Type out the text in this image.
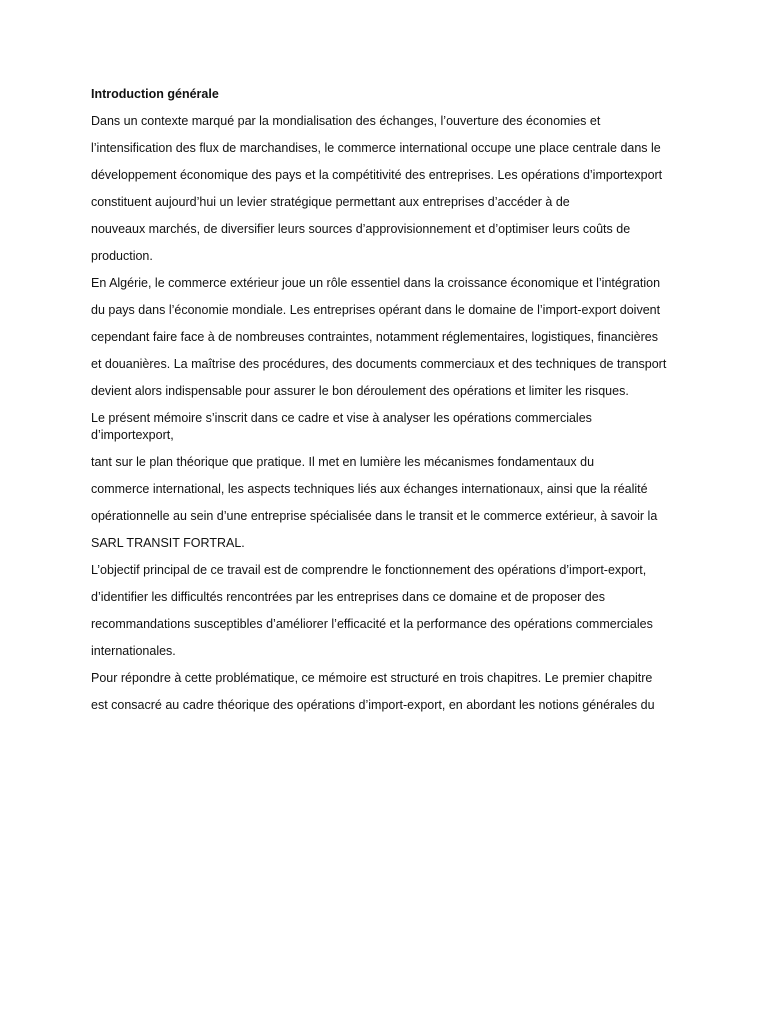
Introduction générale
Dans un contexte marqué par la mondialisation des échanges, l’ouverture des économies et
l’intensification des flux de marchandises, le commerce international occupe une place centrale dans le
développement économique des pays et la compétitivité des entreprises. Les opérations d’importexport
constituent aujourd’hui un levier stratégique permettant aux entreprises d’accéder à de
nouveaux marchés, de diversifier leurs sources d’approvisionnement et d’optimiser leurs coûts de
production.
En Algérie, le commerce extérieur joue un rôle essentiel dans la croissance économique et l’intégration
du pays dans l’économie mondiale. Les entreprises opérant dans le domaine de l’import-export doivent
cependant faire face à de nombreuses contraintes, notamment réglementaires, logistiques, financières
et douanières. La maîtrise des procédures, des documents commerciaux et des techniques de transport
devient alors indispensable pour assurer le bon déroulement des opérations et limiter les risques.
Le présent mémoire s’inscrit dans ce cadre et vise à analyser les opérations commerciales d’importexport,
tant sur le plan théorique que pratique. Il met en lumière les mécanismes fondamentaux du
commerce international, les aspects techniques liés aux échanges internationaux, ainsi que la réalité
opérationnelle au sein d’une entreprise spécialisée dans le transit et le commerce extérieur, à savoir la
SARL TRANSIT FORTRAL.
L’objectif principal de ce travail est de comprendre le fonctionnement des opérations d’import-export,
d’identifier les difficultés rencontrées par les entreprises dans ce domaine et de proposer des
recommandations susceptibles d’améliorer l’efficacité et la performance des opérations commerciales
internationales.
Pour répondre à cette problématique, ce mémoire est structuré en trois chapitres. Le premier chapitre
est consacré au cadre théorique des opérations d’import-export, en abordant les notions générales du
